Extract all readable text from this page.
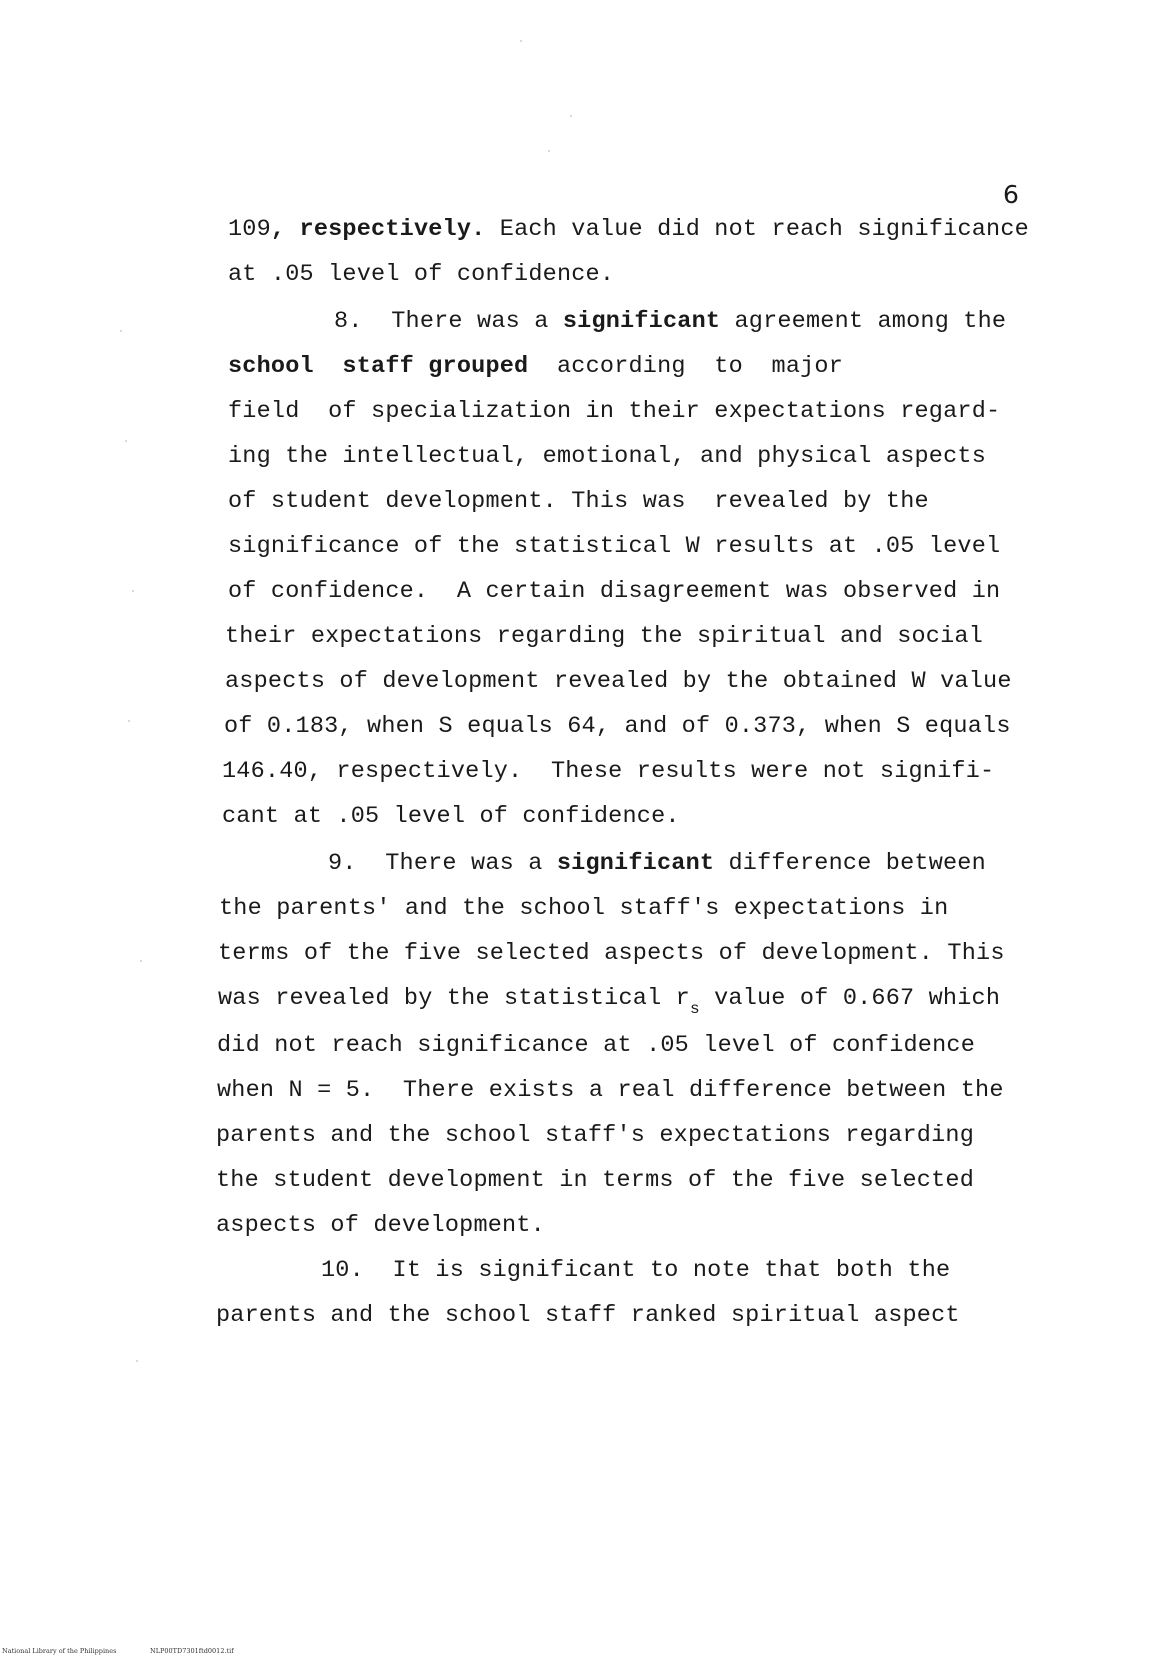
6
109, respectively. Each value did not reach significance
at .05 level of confidence.
8.  There was a significant agreement among the
school  staff grouped  according  to  major
field  of specialization in their expectations regard-
ing the intellectual, emotional, and physical aspects
of student development. This was  revealed by the
significance of the statistical W results at .05 level
of confidence.  A certain disagreement was observed in
their expectations regarding the spiritual and social
aspects of development revealed by the obtained W value
of 0.183, when S equals 64, and of 0.373, when S equals
146.40, respectively.  These results were not signifi-
cant at .05 level of confidence.
9.  There was a significant difference between
the parents' and the school staff's expectations in
terms of the five selected aspects of development. This
was revealed by the statistical $r_s$ value of 0.667 which
did not reach significance at .05 level of confidence
when N = 5.  There exists a real difference between the
parents and the school staff's expectations regarding
the student development in terms of the five selected
aspects of development.
10.  It is significant to note that both the
parents and the school staff ranked spiritual aspect
National Library of the Philippines	NLP00TD7301ftd0012.tif
